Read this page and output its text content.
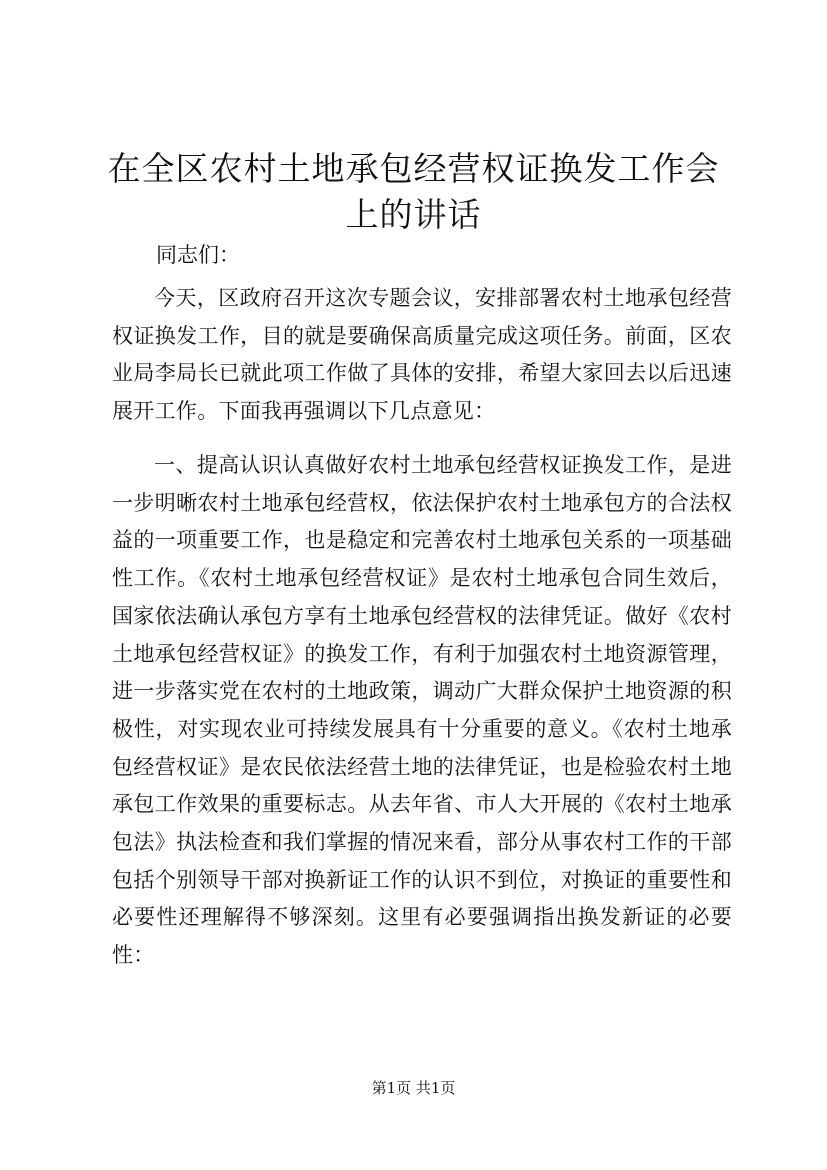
在全区农村土地承包经营权证换发工作会上的讲话
同志们：

今天，区政府召开这次专题会议，安排部署农村土地承包经营权证换发工作，目的就是要确保高质量完成这项任务。前面，区农业局李局长已就此项工作做了具体的安排，希望大家回去以后迅速展开工作。下面我再强调以下几点意见：

一、提高认识认真做好农村土地承包经营权证换发工作，是进一步明晰农村土地承包经营权，依法保护农村土地承包方的合法权益的一项重要工作，也是稳定和完善农村土地承包关系的一项基础性工作。《农村土地承包经营权证》是农村土地承包合同生效后，国家依法确认承包方享有土地承包经营权的法律凭证。做好《农村土地承包经营权证》的换发工作，有利于加强农村土地资源管理，进一步落实党在农村的土地政策，调动广大群众保护土地资源的积极性，对实现农业可持续发展具有十分重要的意义。《农村土地承包经营权证》是农民依法经营土地的法律凭证，也是检验农村土地承包工作效果的重要标志。从去年省、市人大开展的《农村土地承包法》执法检查和我们掌握的情况来看，部分从事农村工作的干部包括个别领导干部对换新证工作的认识不到位，对换证的重要性和必要性还理解得不够深刻。这里有必要强调指出换发新证的必要性：

第1页 共1页
